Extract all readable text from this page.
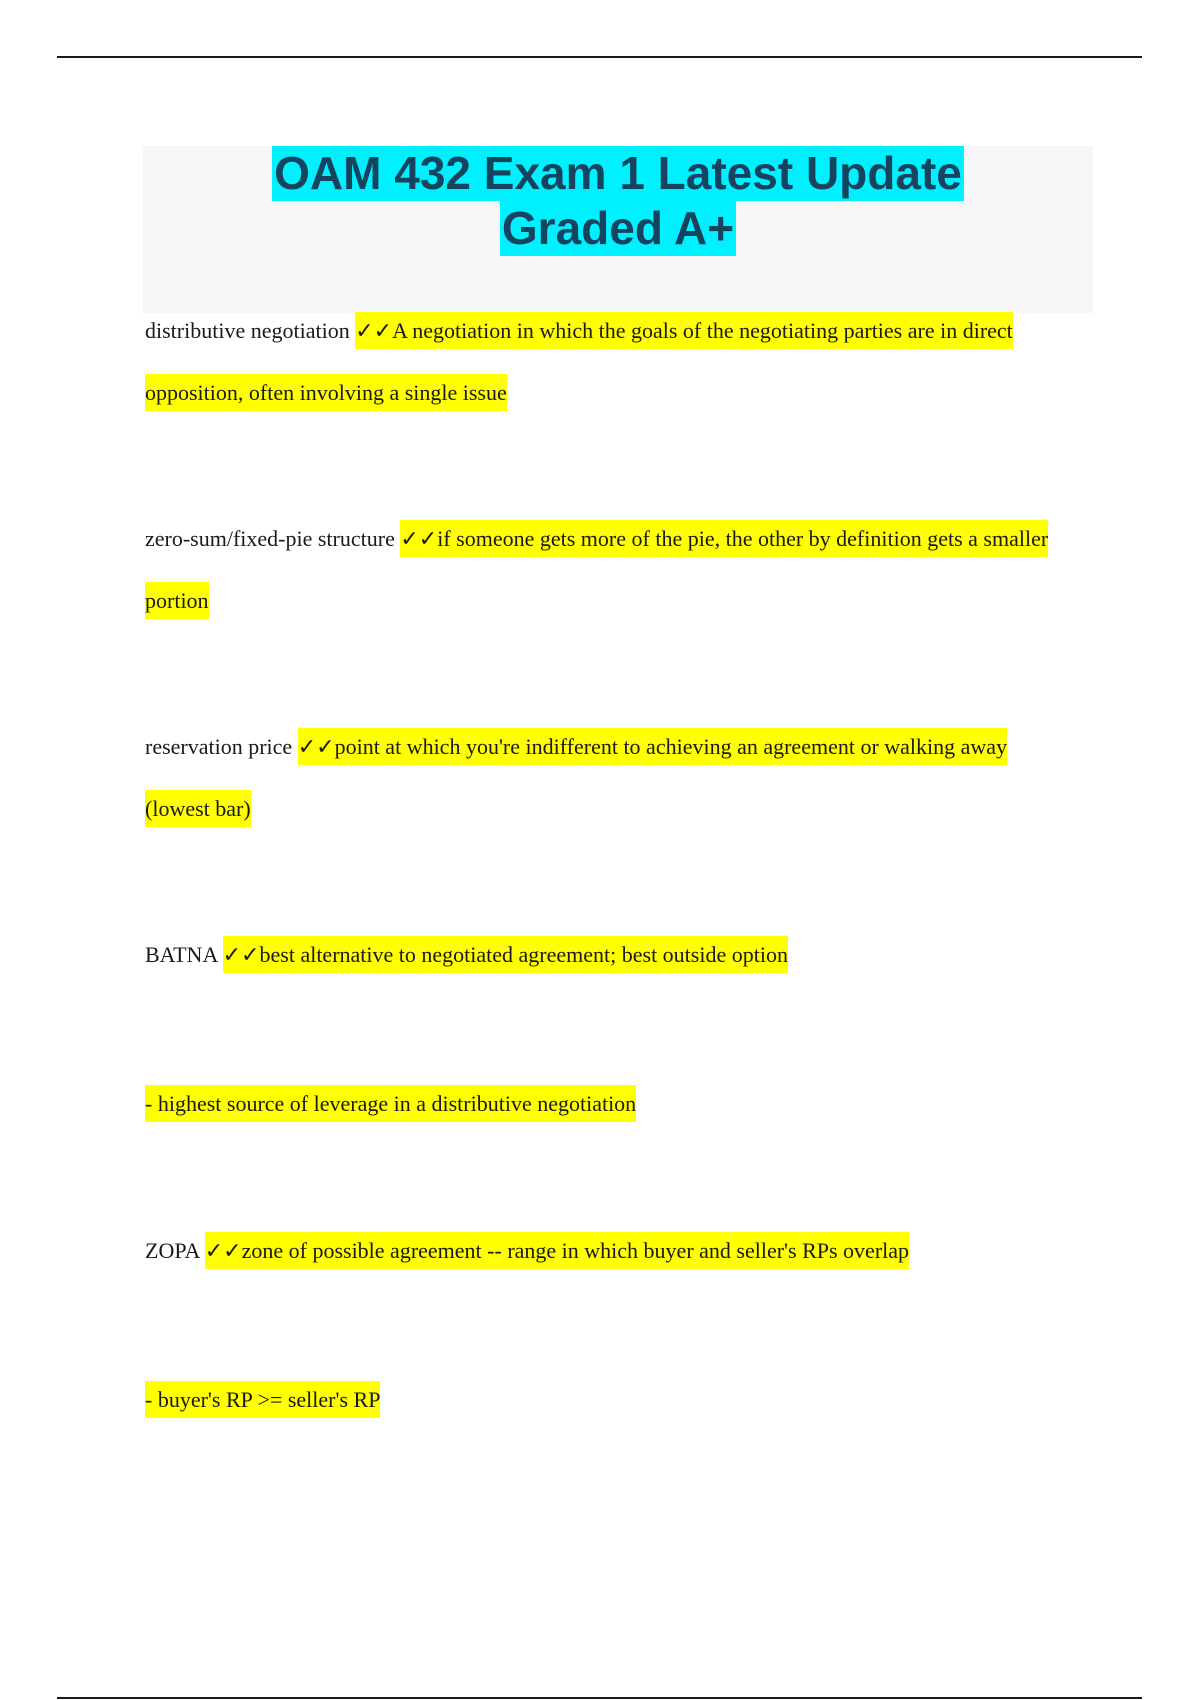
OAM 432 Exam 1 Latest Update
Graded A+
distributive negotiation ✓✓A negotiation in which the goals of the negotiating parties are in direct opposition, often involving a single issue
zero-sum/fixed-pie structure ✓✓if someone gets more of the pie, the other by definition gets a smaller portion
reservation price ✓✓point at which you're indifferent to achieving an agreement or walking away (lowest bar)
BATNA ✓✓best alternative to negotiated agreement; best outside option
- highest source of leverage in a distributive negotiation
ZOPA ✓✓zone of possible agreement -- range in which buyer and seller's RPs overlap
- buyer's RP >= seller's RP
